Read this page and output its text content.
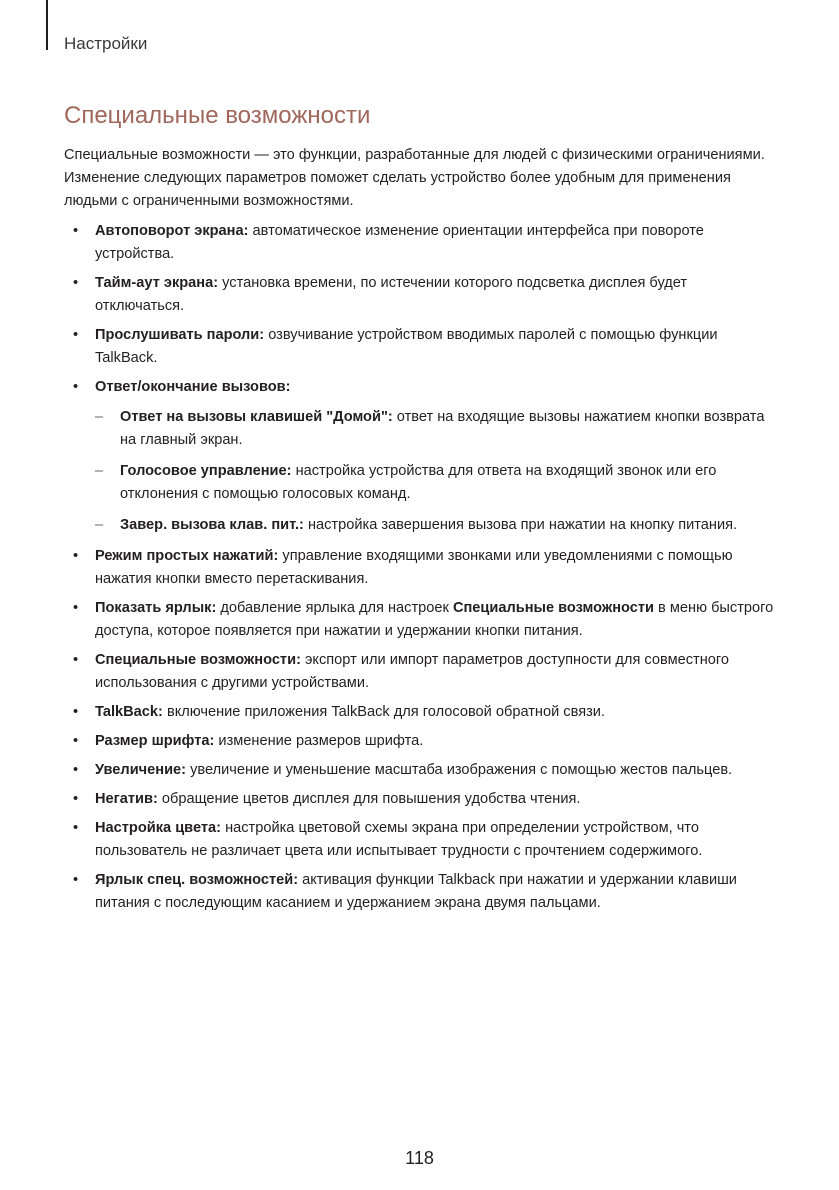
Настройки
Специальные возможности

Специальные возможности — это функции, разработанные для людей с физическими ограничениями. Изменение следующих параметров поможет сделать устройство более удобным для применения людьми с ограниченными возможностями.

• Автоповорот экрана: автоматическое изменение ориентации интерфейса при повороте устройства.
• Тайм-аут экрана: установка времени, по истечении которого подсветка дисплея будет отключаться.
• Прослушивать пароли: озвучивание устройством вводимых паролей с помощью функции TalkBack.
• Ответ/окончание вызовов:
– Ответ на вызовы клавишей "Домой": ответ на входящие вызовы нажатием кнопки возврата на главный экран.
– Голосовое управление: настройка устройства для ответа на входящий звонок или его отклонения с помощью голосовых команд.
– Завер. вызова клав. пит.: настройка завершения вызова при нажатии на кнопку питания.
• Режим простых нажатий: управление входящими звонками или уведомлениями с помощью нажатия кнопки вместо перетаскивания.
• Показать ярлык: добавление ярлыка для настроек Специальные возможности в меню быстрого доступа, которое появляется при нажатии и удержании кнопки питания.
• Специальные возможности: экспорт или импорт параметров доступности для совместного использования с другими устройствами.
• TalkBack: включение приложения TalkBack для голосовой обратной связи.
• Размер шрифта: изменение размеров шрифта.
• Увеличение: увеличение и уменьшение масштаба изображения с помощью жестов пальцев.
• Негатив: обращение цветов дисплея для повышения удобства чтения.
• Настройка цвета: настройка цветовой схемы экрана при определении устройством, что пользователь не различает цвета или испытывает трудности с прочтением содержимого.
• Ярлык спец. возможностей: активация функции Talkback при нажатии и удержании клавиши питания с последующим касанием и удержанием экрана двумя пальцами.
118
